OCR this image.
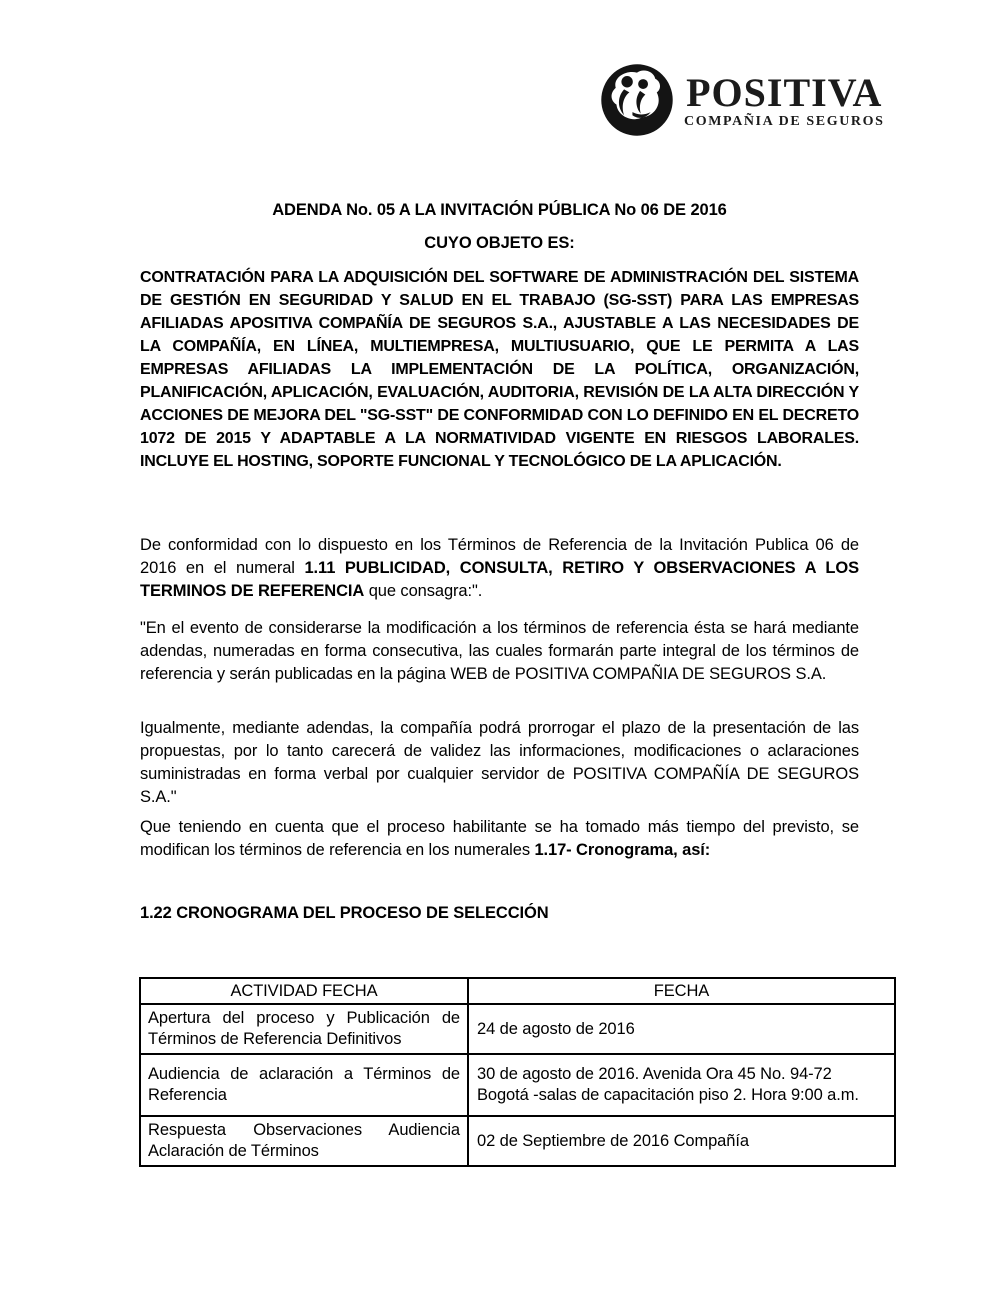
POSITIVA
COMPAÑIA DE SEGUROS

ADENDA No. 05 A LA INVITACIÓN PÚBLICA No 06 DE 2016

CUYO OBJETO ES:

CONTRATACIÓN PARA LA ADQUISICIÓN DEL SOFTWARE DE ADMINISTRACIÓN DEL SISTEMA DE GESTIÓN EN SEGURIDAD Y SALUD EN EL TRABAJO (SG-SST) PARA LAS EMPRESAS AFILIADAS APOSITIVA COMPAÑÍA DE SEGUROS S.A., AJUSTABLE A LAS NECESIDADES DE LA COMPAÑÍA, EN LÍNEA, MULTIEMPRESA, MULTIUSUARIO, QUE LE PERMITA A LAS EMPRESAS AFILIADAS LA IMPLEMENTACIÓN DE LA POLÍTICA, ORGANIZACIÓN, PLANIFICACIÓN, APLICACIÓN, EVALUACIÓN, AUDITORIA, REVISIÓN DE LA ALTA DIRECCIÓN Y ACCIONES DE MEJORA DEL "SG-SST" DE CONFORMIDAD CON LO DEFINIDO EN EL DECRETO 1072 DE 2015 Y ADAPTABLE A LA NORMATIVIDAD VIGENTE EN RIESGOS LABORALES. INCLUYE EL HOSTING, SOPORTE FUNCIONAL Y TECNOLÓGICO DE LA APLICACIÓN.

De conformidad con lo dispuesto en los Términos de Referencia de la Invitación Publica 06 de 2016 en el numeral 1.11 PUBLICIDAD, CONSULTA, RETIRO Y OBSERVACIONES A LOS TERMINOS DE REFERENCIA que consagra:".

"En el evento de considerarse la modificación a los términos de referencia ésta se hará mediante adendas, numeradas en forma consecutiva, las cuales formarán parte integral de los términos de referencia y serán publicadas en la página WEB de POSITIVA COMPAÑIA DE SEGUROS S.A.

Igualmente, mediante adendas, la compañía podrá prorrogar el plazo de la presentación de las propuestas, por lo tanto carecerá de validez las informaciones, modificaciones o aclaraciones suministradas en forma verbal por cualquier servidor de POSITIVA COMPAÑÍA DE SEGUROS S.A."

Que teniendo en cuenta que el proceso habilitante se ha tomado más tiempo del previsto, se modifican los términos de referencia en los numerales 1.17- Cronograma, así:

1.22 CRONOGRAMA DEL PROCESO DE SELECCIÓN
ACTIVIDAD FECHA	FECHA
Apertura del proceso y Publicación de Términos de Referencia Definitivos	24 de agosto de 2016
Audiencia de aclaración a Términos de Referencia	30 de agosto de 2016. Avenida Ora 45 No. 94-72 Bogotá -salas de capacitación piso 2. Hora 9:00 a.m.
Respuesta Observaciones Audiencia Aclaración de Términos	02 de Septiembre de 2016 Compañía
